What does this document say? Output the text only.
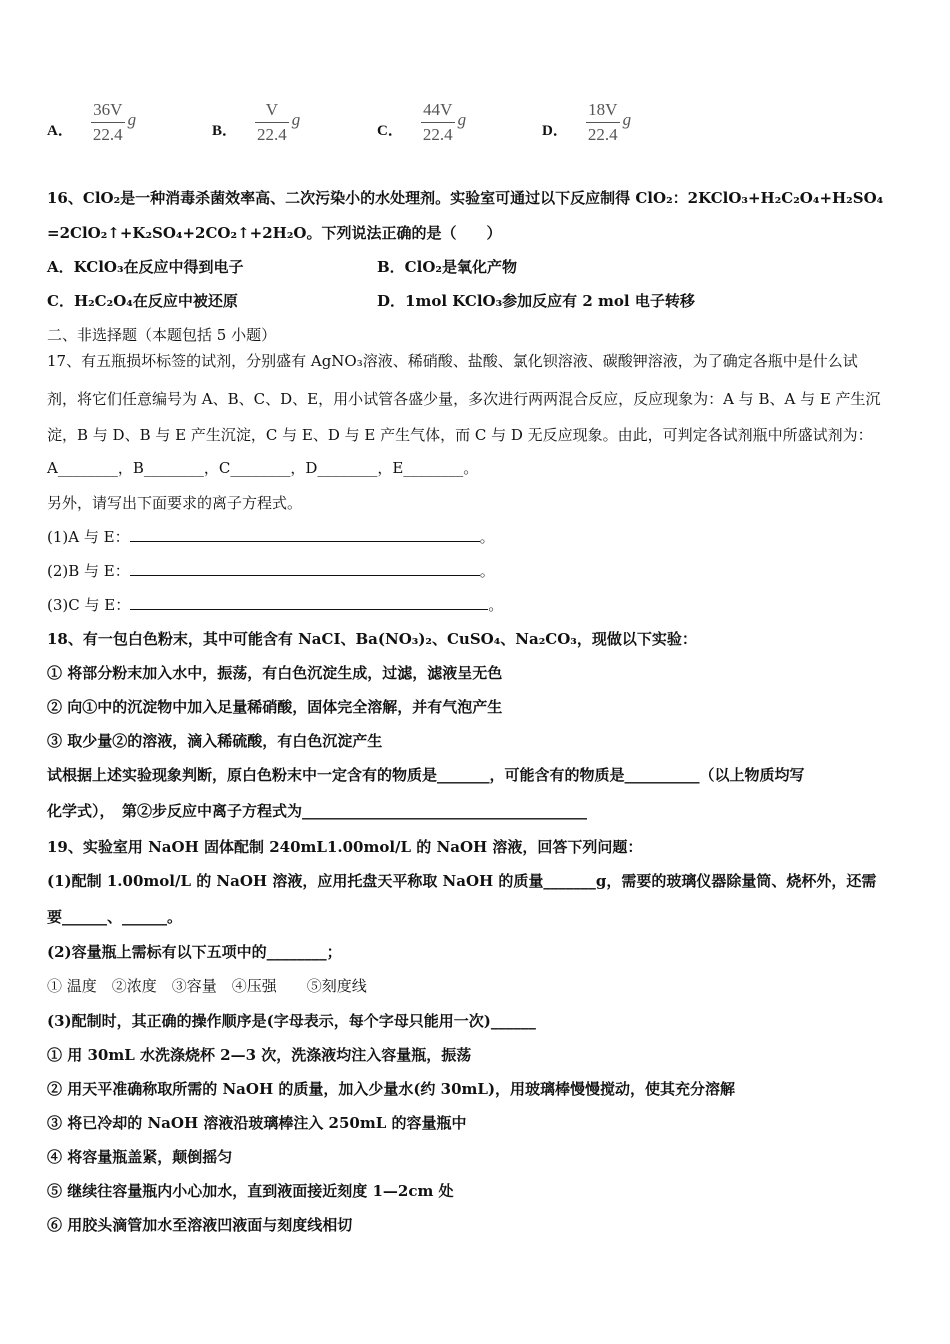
A． $\frac{36V}{22.4}$ g
B． $\frac{V}{22.4}$ g
C． $\frac{44V}{22.4}$ g
D． $\frac{18V}{22.4}$ g
16、ClO₂是一种消毒杀菌效率高、二次污染小的水处理剂。实验室可通过以下反应制得 ClO₂：2KClO₃+H₂C₂O₄+H₂SO₄
=2ClO₂↑+K₂SO₄+2CO₂↑+2H₂O。下列说法正确的是（　　）
A．KClO₃在反应中得到电子	B．ClO₂是氧化产物
C．H₂C₂O₄在反应中被还原	D．1mol KClO₃参加反应有 2 mol 电子转移
二、非选择题（本题包括 5 小题）
17、有五瓶损坏标签的试剂，分别盛有 AgNO₃溶液、稀硝酸、盐酸、氯化钡溶液、碳酸钾溶液，为了确定各瓶中是什么试
剂，将它们任意编号为 A、B、C、D、E，用小试管各盛少量，多次进行两两混合反应，反应现象为：A 与 B、A 与 E 产生沉
淀，B 与 D、B 与 E 产生沉淀，C 与 E、D 与 E 产生气体，而 C 与 D 无反应现象。由此，可判定各试剂瓶中所盛试剂为：
A________，B________，C________，D________，E________。
另外，请写出下面要求的离子方程式。
(1)A 与 E：	。
(2)B 与 E：	。
(3)C 与 E：	。
18、有一包白色粉末，其中可能含有 NaCI、Ba(NO₃)₂、CuSO₄、Na₂CO₃，现做以下实验：
① 将部分粉末加入水中，振荡，有白色沉淀生成，过滤，滤液呈无色
② 向①中的沉淀物中加入足量稀硝酸，固体完全溶解，并有气泡产生
③ 取少量②的溶液，滴入稀硫酸，有白色沉淀产生
试根据上述实验现象判断，原白色粉末中一定含有的物质是_______，可能含有的物质是__________（以上物质均写
化学式），　第②步反应中离子方程式为______________________________________
19、实验室用 NaOH 固体配制 240mL1.00mol/L 的 NaOH 溶液，回答下列问题：
(1)配制 1.00mol/L 的 NaOH 溶液，应用托盘天平称取 NaOH 的质量_______g，需要的玻璃仪器除量筒、烧杯外，还需
要______、______。
(2)容量瓶上需标有以下五项中的________；
① 温度　②浓度　③容量　④压强　　⑤刻度线
(3)配制时，其正确的操作顺序是(字母表示，每个字母只能用一次)______
① 用 30mL 水洗涤烧杯 2—3 次，洗涤液均注入容量瓶，振荡
② 用天平准确称取所需的 NaOH 的质量，加入少量水(约 30mL)，用玻璃棒慢慢搅动，使其充分溶解
③ 将已冷却的 NaOH 溶液沿玻璃棒注入 250mL 的容量瓶中
④ 将容量瓶盖紧，颠倒摇匀
⑤ 继续往容量瓶内小心加水，直到液面接近刻度 1—2cm 处
⑥ 用胶头滴管加水至溶液凹液面与刻度线相切
